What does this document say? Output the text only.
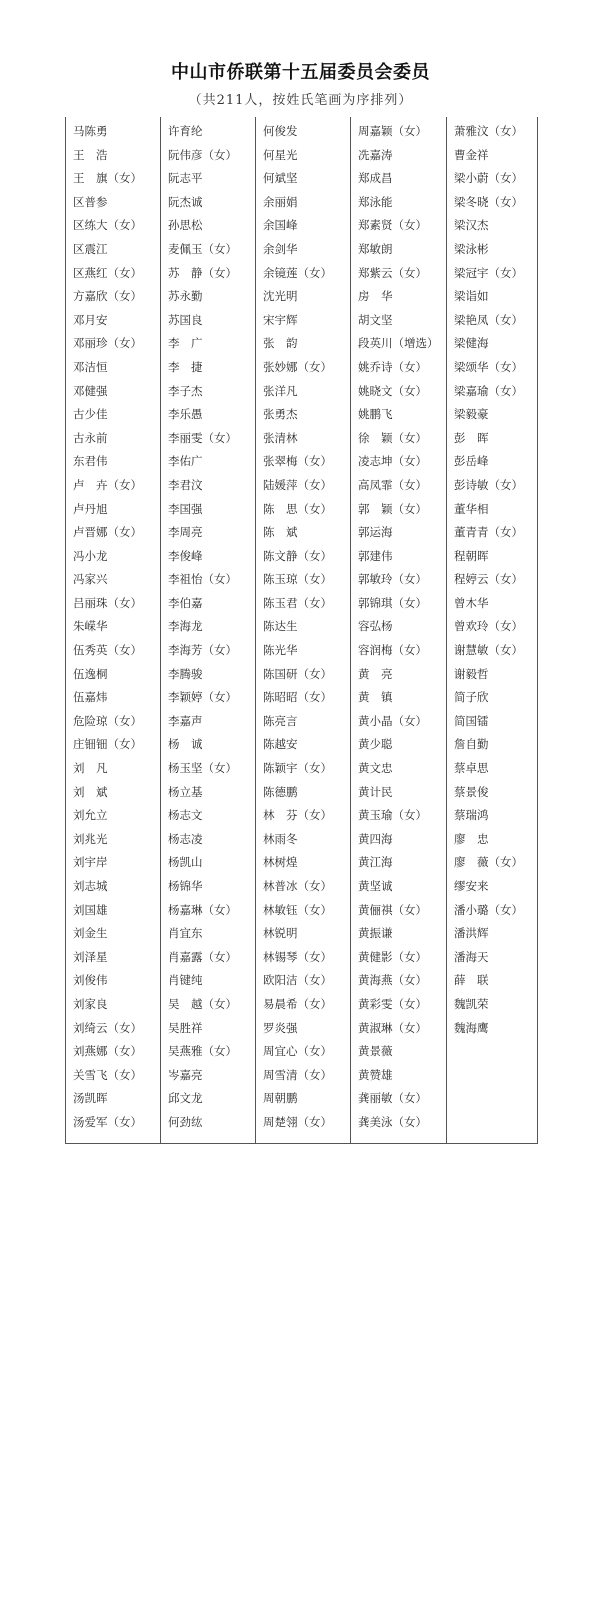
中山市侨联第十五届委员会委员
（共211人，按姓氏笔画为序排列）
马陈勇
王　浩
王　旗（女）
区普参
区练大（女）
区震江
区燕红（女）
方嘉欣（女）
邓月安
邓丽珍（女）
邓洁恒
邓健强
古少佳
古永前
东君伟
卢　卉（女）
卢丹旭
卢晋娜（女）
冯小龙
冯家兴
吕丽珠（女）
朱嵘华
伍秀英（女）
伍逸桐
伍嘉炜
危险琼（女）
庄钿钿（女）
刘　凡
刘　斌
刘允立
刘兆光
刘宇岸
刘志城
刘国雄
刘金生
刘泽星
刘俊伟
刘家良
刘绮云（女）
刘燕娜（女）
关雪飞（女）
汤凯晖
汤爱军（女）
许育纶
阮伟彦（女）
阮志平
阮杰诚
孙思松
麦佩玉（女）
苏　静（女）
苏永勤
苏国良
李　广
李　捷
李子杰
李乐愚
李丽雯（女）
李佑广
李君汶
李国强
李周亮
李俊峰
李祖怡（女）
李伯嘉
李海龙
李海芳（女）
李腾骏
李颖婷（女）
李嘉声
杨　诚
杨玉坚（女）
杨立基
杨志文
杨志凌
杨凯山
杨锦华
杨嘉琳（女）
肖宜东
肖嘉露（女）
肖键纯
吴　越（女）
吴胜祥
吴燕雅（女）
岑嘉亮
邱文龙
何劲纮
何俊发
何星光
何斌坚
余丽娟
余国峰
余剑华
余镜莲（女）
沈光明
宋宇辉
张　韵
张妙娜（女）
张洋凡
张勇杰
张清林
张翠梅（女）
陆媛萍（女）
陈　思（女）
陈　斌
陈文静（女）
陈玉琼（女）
陈玉君（女）
陈达生
陈光华
陈国研（女）
陈昭昭（女）
陈亮言
陈越安
陈颖宇（女）
陈德鹏
林　芬（女）
林雨冬
林树煌
林普冰（女）
林敏钰（女）
林锐明
林锡琴（女）
欧阳洁（女）
易晨希（女）
罗炎强
周宜心（女）
周雪清（女）
周朝鹏
周楚翎（女）
周嘉颖（女）
冼嘉涛
郑成昌
郑泳能
郑素贤（女）
郑敏朗
郑紫云（女）
房　华
胡文坚
段英川（增选）
姚乔诗（女）
姚晓文（女）
姚鹏飞
徐　颖（女）
凌志坤（女）
高凤霏（女）
郭　颖（女）
郭运海
郭建伟
郭敏玲（女）
郭锦琪（女）
容弘杨
容润梅（女）
黄　亮
黄　镇
黄小晶（女）
黄少聪
黄文忠
黄计民
黄玉瑜（女）
黄四海
黄江海
黄坚诚
黄俪祺（女）
黄振谦
黄健影（女）
黄海燕（女）
黄彩雯（女）
黄淑琳（女）
黄景薇
黄赞雄
龚丽敏（女）
龚美泳（女）
萧雅汶（女）
曹金祥
梁小蔚（女）
梁冬晓（女）
梁汉杰
梁泳彬
梁冠宇（女）
梁诣如
梁艳凤（女）
梁健海
梁颂华（女）
梁嘉瑜（女）
梁毅豪
彭　晖
彭岳峰
彭诗敏（女）
董华相
董青青（女）
程朝晖
程婷云（女）
曾木华
曾欢玲（女）
谢慧敏（女）
谢毅哲
简子欣
简国镭
詹自勤
蔡卓思
蔡景俊
蔡瑞鸿
廖　忠
廖　薇（女）
缪安来
潘小璐（女）
潘洪辉
潘海天
薛　联
魏凯荣
魏海鹰
